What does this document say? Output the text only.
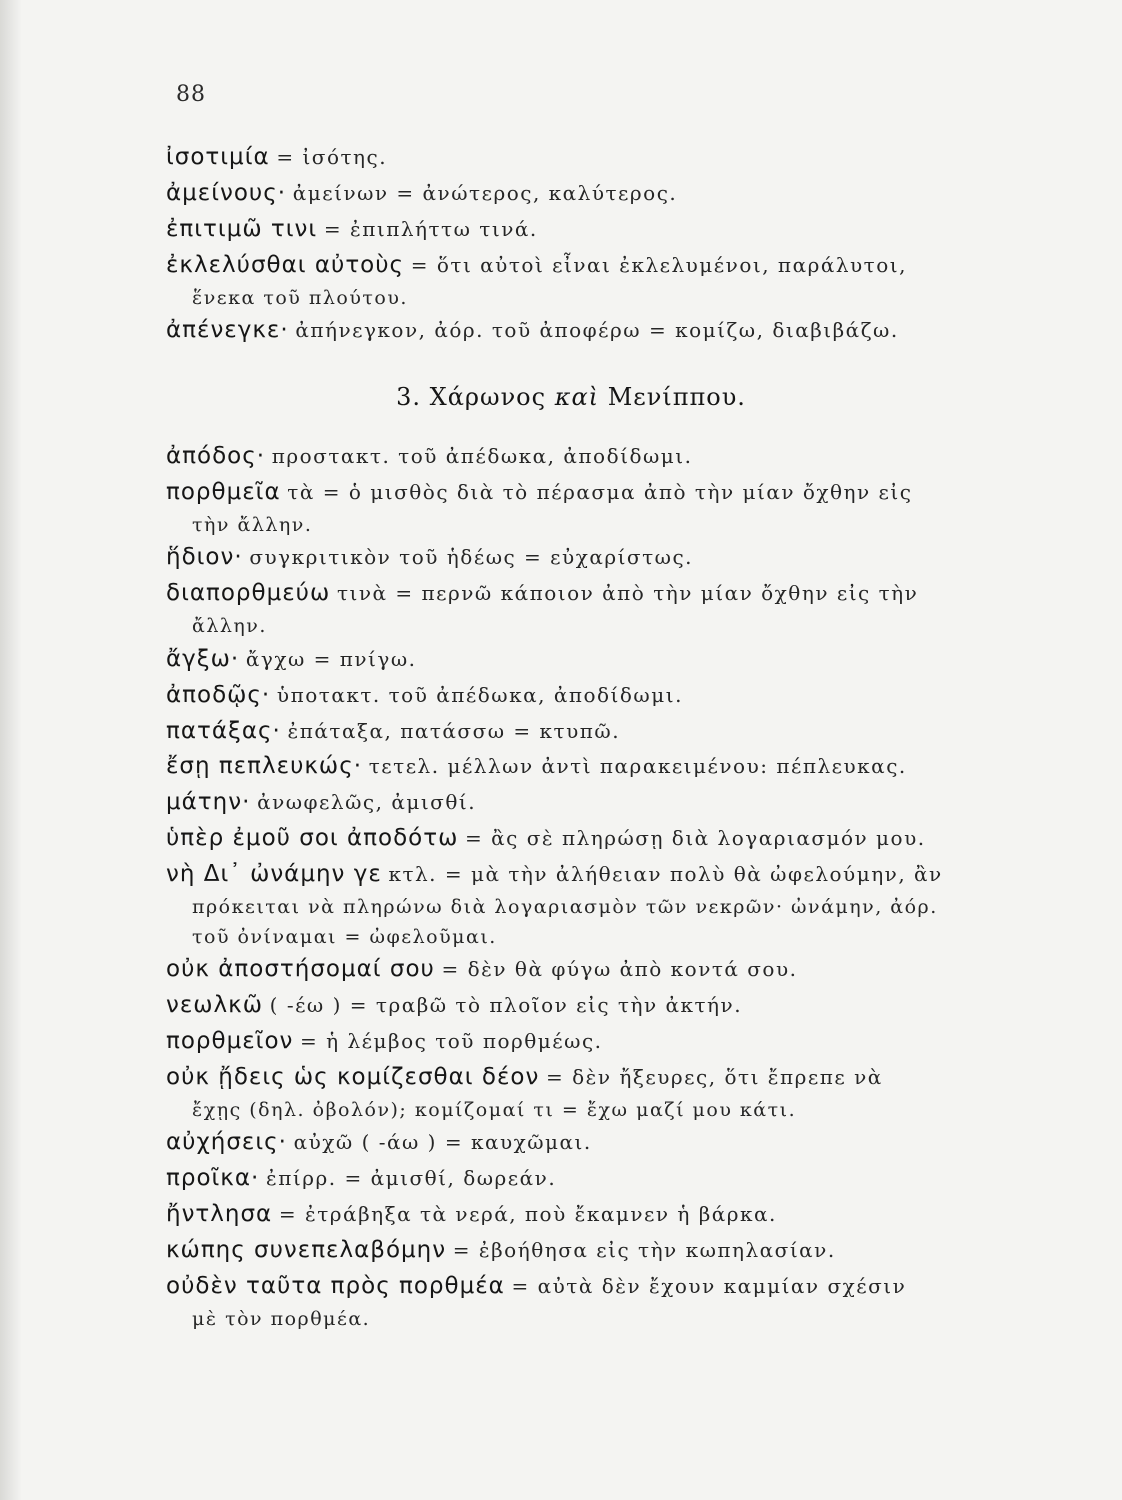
88
ἰσοτιμία = ἰσότης.
ἀμείνους· ἀμείνων = ἀνώτερος, καλύτερος.
ἐπιτιμῶ τινι = ἐπιπλήττω τινά.
ἐκλελύσθαι αὐτοὺς = ὅτι αὐτοὶ εἶναι ἐκλελυμένοι, παράλυτοι,
ἕνεκα τοῦ πλούτου.
ἀπένεγκε· ἀπήνεγκον, ἀόρ. τοῦ ἀποφέρω = κομίζω, διαβιβάζω.
3. Χάρωνος καὶ Μενίππου.
ἀπόδος· προστακτ. τοῦ ἀπέδωκα, ἀποδίδωμι.
πορθμεῖα τὰ = ὁ μισθὸς διὰ τὸ πέρασμα ἀπὸ τὴν μίαν ὄχθην εἰς
τὴν ἄλλην.
ἥδιον· συγκριτικὸν τοῦ ἡδέως = εὐχαρίστως.
διαπορθμεύω τινὰ = περνῶ κάποιον ἀπὸ τὴν μίαν ὄχθην εἰς τὴν
ἄλλην.
ἄγξω· ἄγχω = πνίγω.
ἀποδῷς· ὑποτακτ. τοῦ ἀπέδωκα, ἀποδίδωμι.
πατάξας· ἐπάταξα, πατάσσω = κτυπῶ.
ἔσῃ πεπλευκώς· τετελ. μέλλων ἀντὶ παρακειμένου: πέπλευκας.
μάτην· ἀνωφελῶς, ἀμισθί.
ὑπὲρ ἐμοῦ σοι ἀποδότω = ἂς σὲ πληρώσῃ διὰ λογαριασμόν μου.
νὴ Δι᾽ ὠνάμην γε κτλ. = μὰ τὴν ἀλήθειαν πολὺ θὰ ὠφελούμην, ἂν
πρόκειται νὰ πληρώνω διὰ λογαριασμὸν τῶν νεκρῶν· ὠνάμην, ἀόρ.
τοῦ ὀνίναμαι = ὠφελοῦμαι.
οὐκ ἀποστήσομαί σου = δὲν θὰ φύγω ἀπὸ κοντά σου.
νεωλκῶ ( -έω ) = τραβῶ τὸ πλοῖον εἰς τὴν ἀκτήν.
πορθμεῖον = ἡ λέμβος τοῦ πορθμέως.
οὐκ ᾔδεις ὡς κομίζεσθαι δέον = δὲν ἤξευρες, ὅτι ἔπρεπε νὰ
ἔχῃς (δηλ. ὀβολόν); κομίζομαί τι = ἔχω μαζί μου κάτι.
αὐχήσεις· αὐχῶ ( -άω ) = καυχῶμαι.
προῖκα· ἐπίρρ. = ἀμισθί, δωρεάν.
ἤντλησα = ἐτράβηξα τὰ νερά, ποὺ ἔκαμνεν ἡ βάρκα.
κώπης συνεπελαβόμην = ἐβοήθησα εἰς τὴν κωπηλασίαν.
οὐδὲν ταῦτα πρὸς πορθμέα = αὐτὰ δὲν ἔχουν καμμίαν σχέσιν
μὲ τὸν πορθμέα.
